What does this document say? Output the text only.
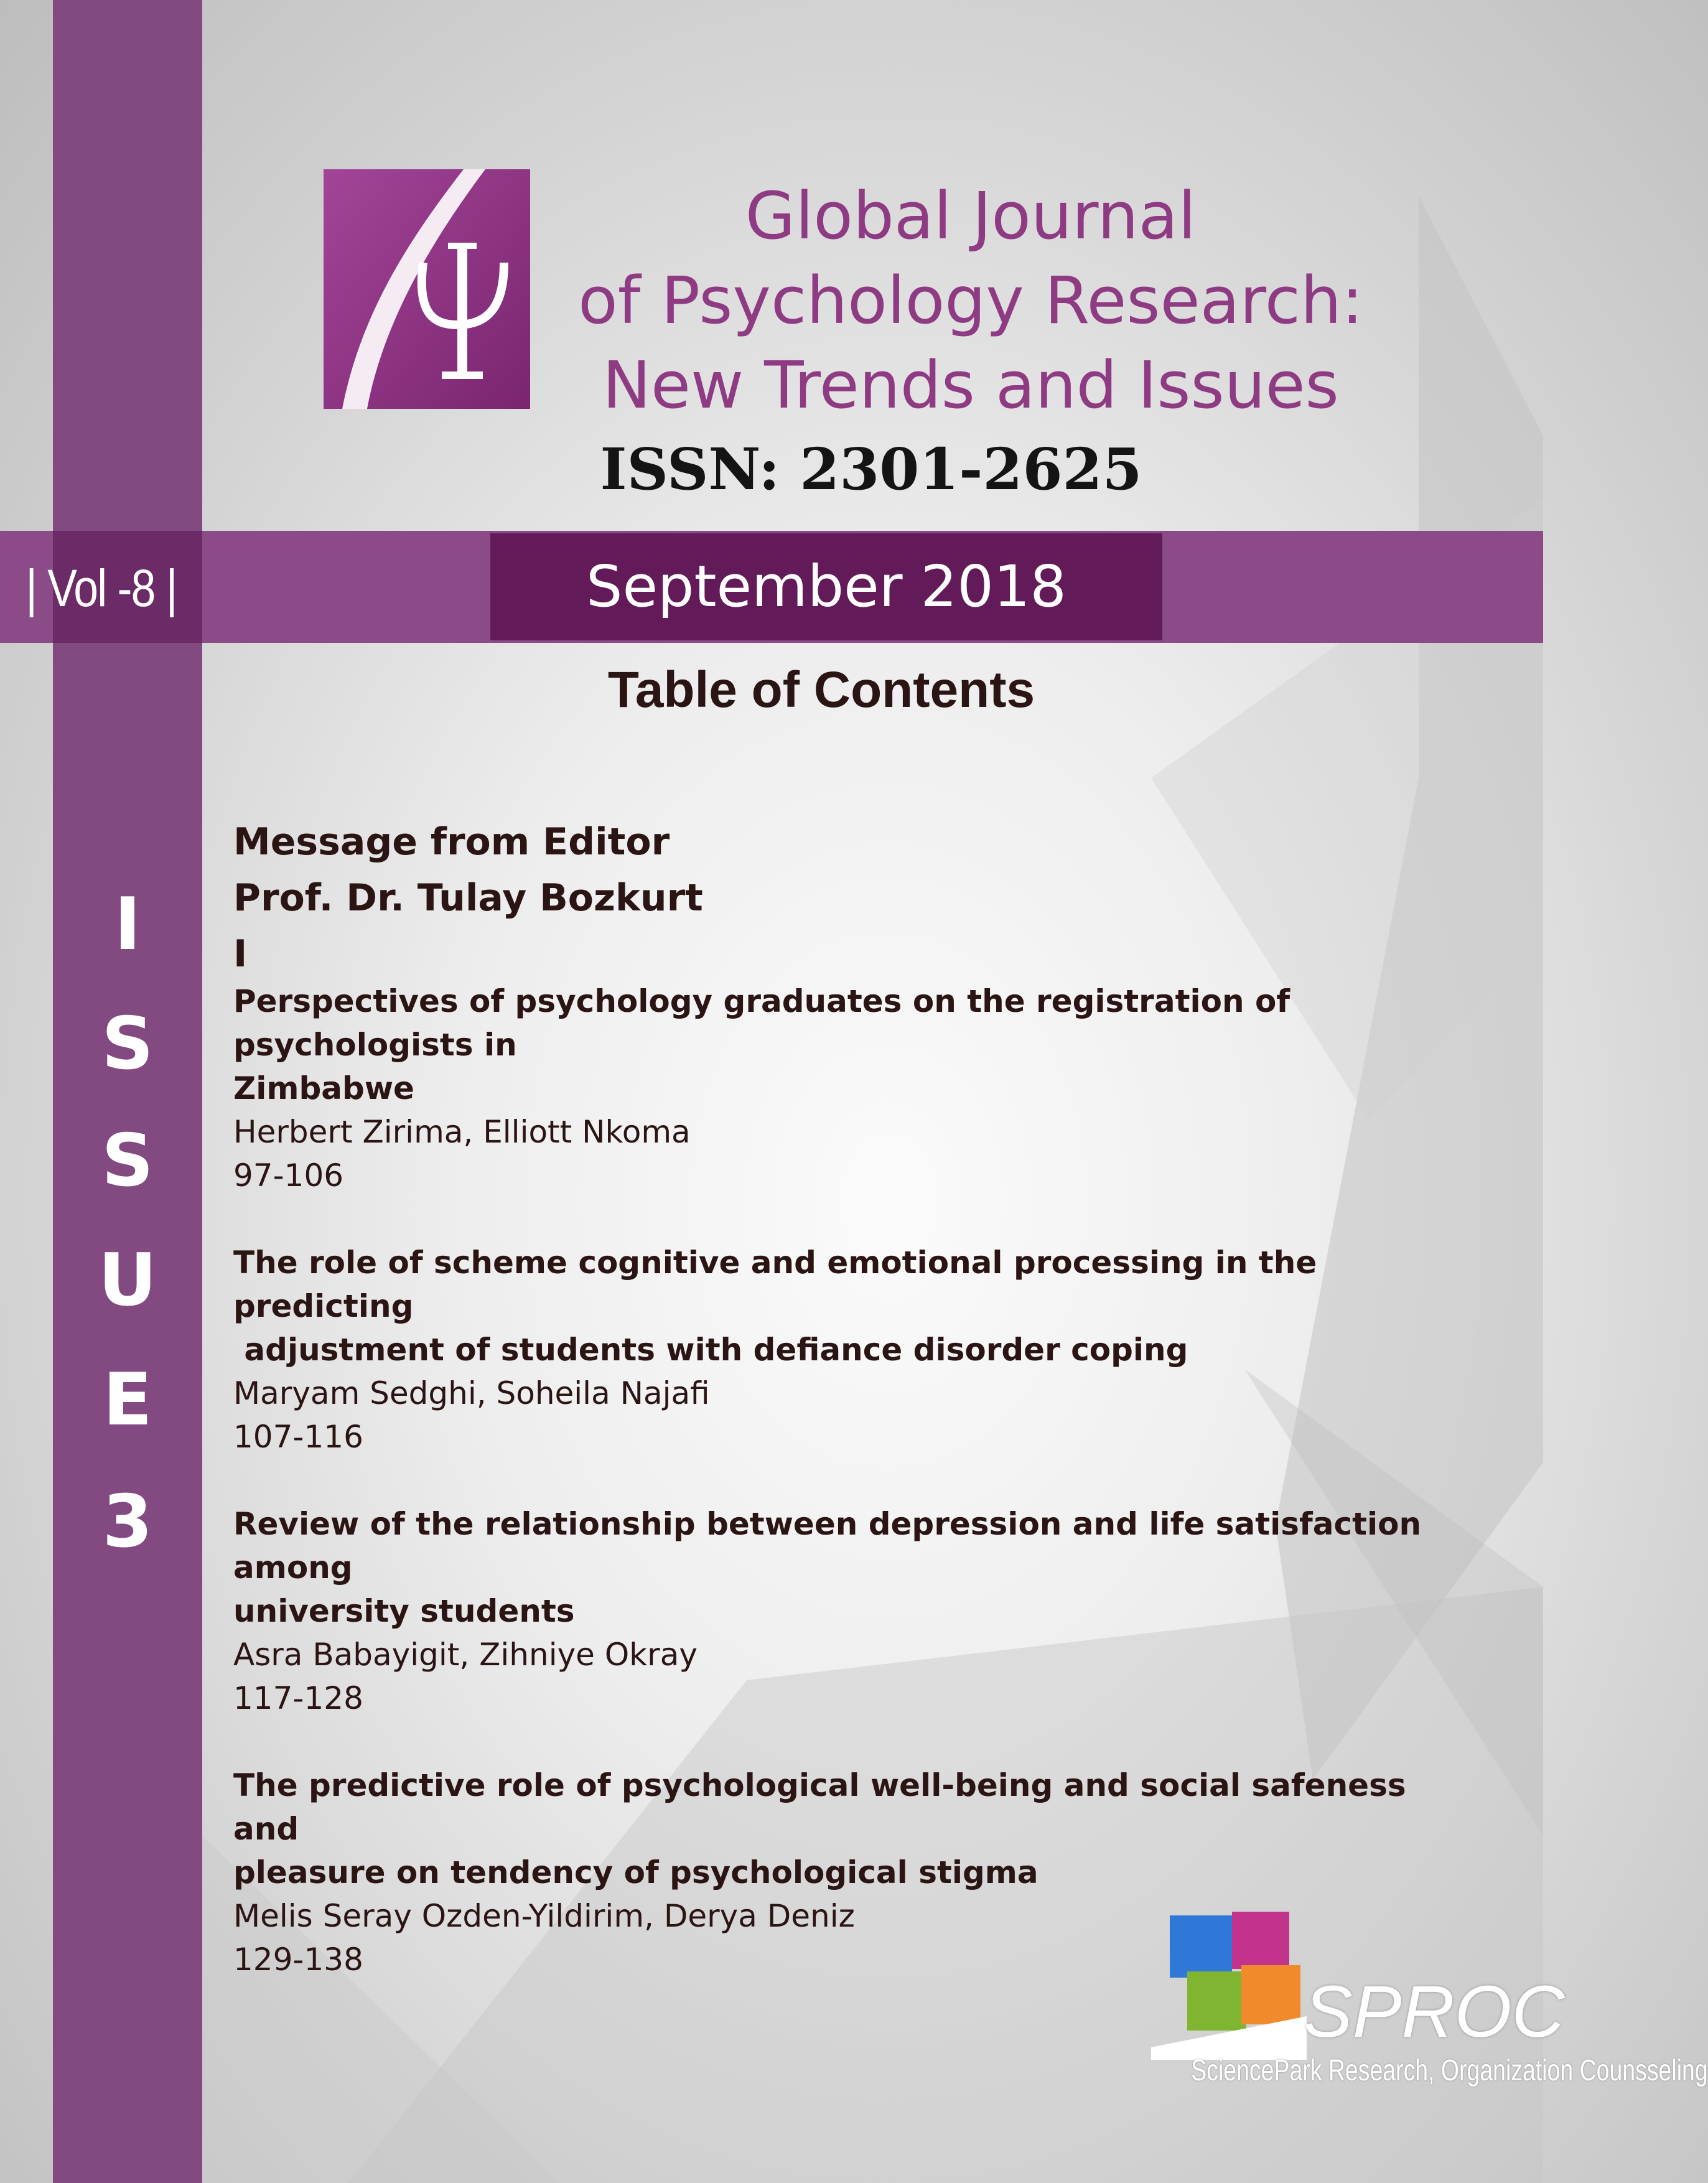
| Vol -8 |	September 2018
Global Journal
of Psychology Research:
New Trends and Issues
ISSN: 2301-2625
Table of Contents
I
S
S
U
E
3
Message from Editor
Prof. Dr. Tulay Bozkurt
I

Perspectives of psychology graduates on the registration of psychologists in

Zimbabwe

Herbert Zirima, Elliott Nkoma

97-106

The role of scheme cognitive and emotional processing in the predicting

adjustment of students with defiance disorder coping

Maryam Sedghi, Soheila Najafi

107-116

Review of the relationship between depression and life satisfaction among

university students

Asra Babayigit, Zihniye Okray

117-128

The predictive role of psychological well-being and social safeness and

pleasure on tendency of psychological stigma

Melis Seray Ozden-Yildirim, Derya Deniz

129-138

SPROC
SciencePark Research, Organization Counsseling
